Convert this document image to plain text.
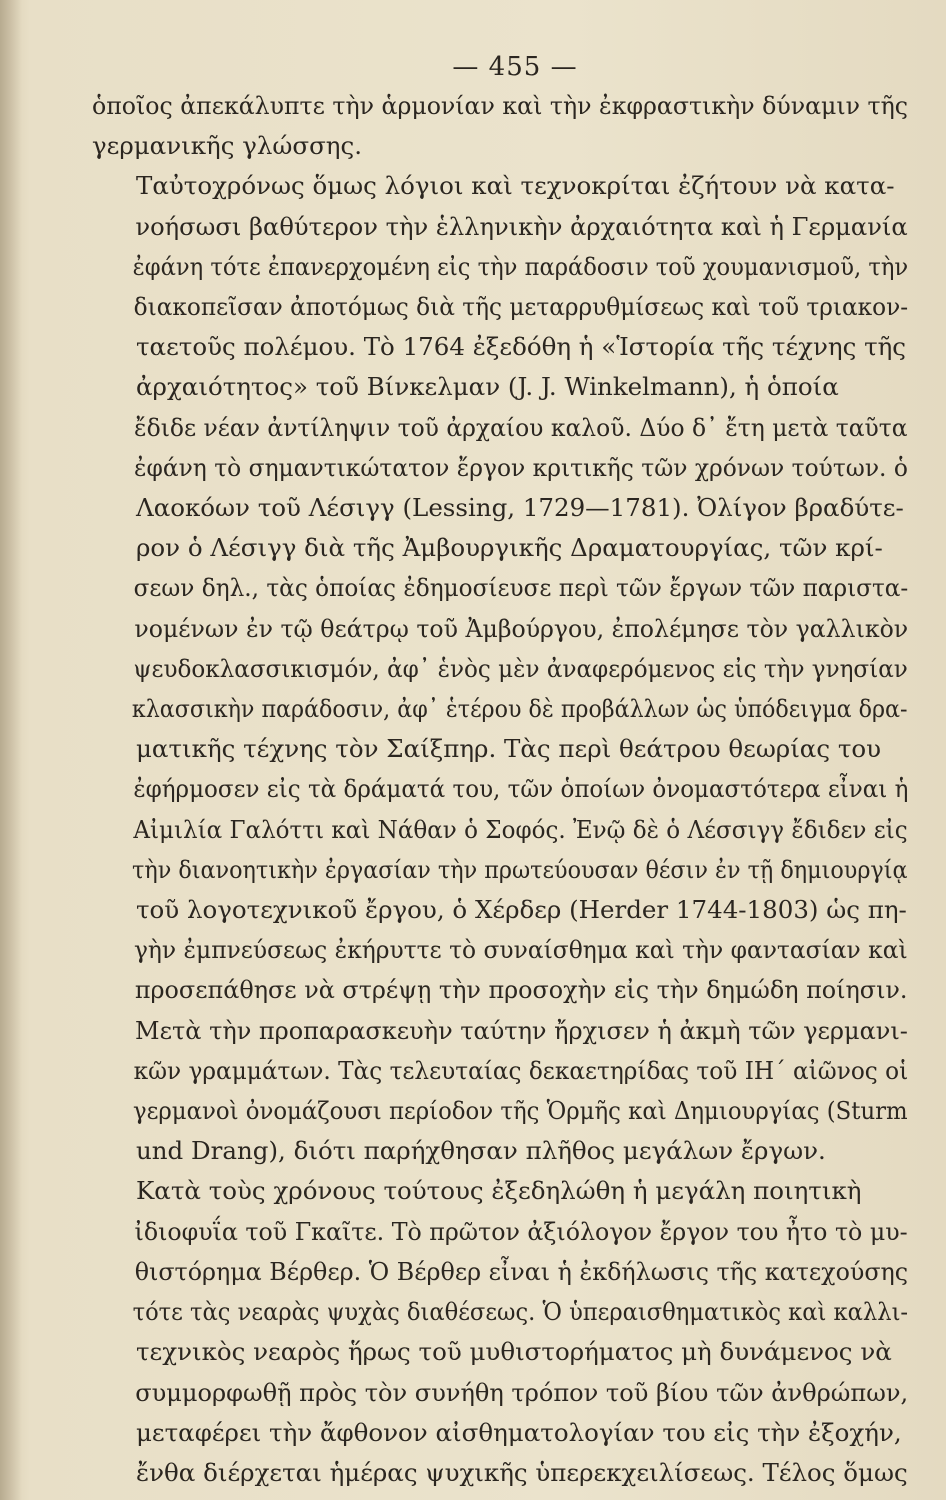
— 455 —

ὁποῖος ἀπεκάλυπτε τὴν ἁρμονίαν καὶ τὴν ἐκφραστικὴν δύναμιν τῆς
γερμανικῆς γλώσσης.

Ταὐτοχρόνως ὅμως λόγιοι καὶ τεχνοκρίται ἐζήτουν νὰ κατα-
νοήσωσι βαθύτερον τὴν ἑλληνικὴν ἀρχαιότητα καὶ ἡ Γερμανία
ἐφάνη τότε ἐπανερχομένη εἰς τὴν παράδοσιν τοῦ χουμανισμοῦ, τὴν
διακοπεῖσαν ἀποτόμως διὰ τῆς μεταρρυθμίσεως καὶ τοῦ τριακον-
ταετοῦς πολέμου. Τὸ 1764 ἐξεδόθη ἡ «Ἱστορία τῆς τέχνης τῆς
ἀρχαιότητος» τοῦ Βίνκελμαν (J. J. Winkelmann), ἡ ὁποία
ἔδιδε νέαν ἀντίληψιν τοῦ ἀρχαίου καλοῦ. Δύο δ᾽ ἔτη μετὰ ταῦτα
ἐφάνη τὸ σημαντικώτατον ἔργον κριτικῆς τῶν χρόνων τούτων. ὁ
Λαοκόων τοῦ Λέσιγγ (Lessing, 1729—1781). Ὀλίγον βραδύτε-
ρον ὁ Λέσιγγ διὰ τῆς Ἀμβουργικῆς Δραματουργίας, τῶν κρί-
σεων δηλ., τὰς ὁποίας ἐδημοσίευσε περὶ τῶν ἔργων τῶν παριστα-
νομένων ἐν τῷ θεάτρῳ τοῦ Ἀμβούργου, ἐπολέμησε τὸν γαλλικὸν
ψευδοκλασσικισμόν, ἀφ᾽ ἑνὸς μὲν ἀναφερόμενος εἰς τὴν γνησίαν
κλασσικὴν παράδοσιν, ἀφ᾽ ἑτέρου δὲ προβάλλων ὡς ὑπόδειγμα δρα-
ματικῆς τέχνης τὸν Σαίξπηρ. Τὰς περὶ θεάτρου θεωρίας του
ἐφήρμοσεν εἰς τὰ δράματά του, τῶν ὁποίων ὀνομαστότερα εἶναι ἡ
Αἰμιλία Γαλόττι καὶ Νάθαν ὁ Σοφός. Ἐνῷ δὲ ὁ Λέσσιγγ ἔδιδεν εἰς
τὴν διανοητικὴν ἐργασίαν τὴν πρωτεύουσαν θέσιν ἐν τῇ δημιουργίᾳ
τοῦ λογοτεχνικοῦ ἔργου, ὁ Χέρδερ (Herder 1744-1803) ὡς πη-
γὴν ἐμπνεύσεως ἐκήρυττε τὸ συναίσθημα καὶ τὴν φαντασίαν καὶ
προσεπάθησε νὰ στρέψῃ τὴν προσοχὴν εἰς τὴν δημώδη ποίησιν.

Μετὰ τὴν προπαρασκευὴν ταύτην ἤρχισεν ἡ ἀκμὴ τῶν γερμανι-
κῶν γραμμάτων. Τὰς τελευταίας δεκαετηρίδας τοῦ ΙΗ΄ αἰῶνος οἱ
γερμανοὶ ὀνομάζουσι περίοδον τῆς Ὁρμῆς καὶ Δημιουργίας (Sturm
und Drang), διότι παρήχθησαν πλῆθος μεγάλων ἔργων.

Κατὰ τοὺς χρόνους τούτους ἐξεδηλώθη ἡ μεγάλη ποιητικὴ
ἰδιοφυΐα τοῦ Γκαῖτε. Τὸ πρῶτον ἀξιόλογον ἔργον του ἦτο τὸ μυ-
θιστόρημα Βέρθερ. Ὁ Βέρθερ εἶναι ἡ ἐκδήλωσις τῆς κατεχούσης
τότε τὰς νεαρὰς ψυχὰς διαθέσεως. Ὁ ὑπεραισθηματικὸς καὶ καλλι-
τεχνικὸς νεαρὸς ἥρως τοῦ μυθιστορήματος μὴ δυνάμενος νὰ
συμμορφωθῇ πρὸς τὸν συνήθη τρόπον τοῦ βίου τῶν ἀνθρώπων,
μεταφέρει τὴν ἄφθονον αἰσθηματολογίαν του εἰς τὴν ἐξοχήν,
ἔνθα διέρχεται ἡμέρας ψυχικῆς ὑπερεκχειλίσεως. Τέλος ὅμως
